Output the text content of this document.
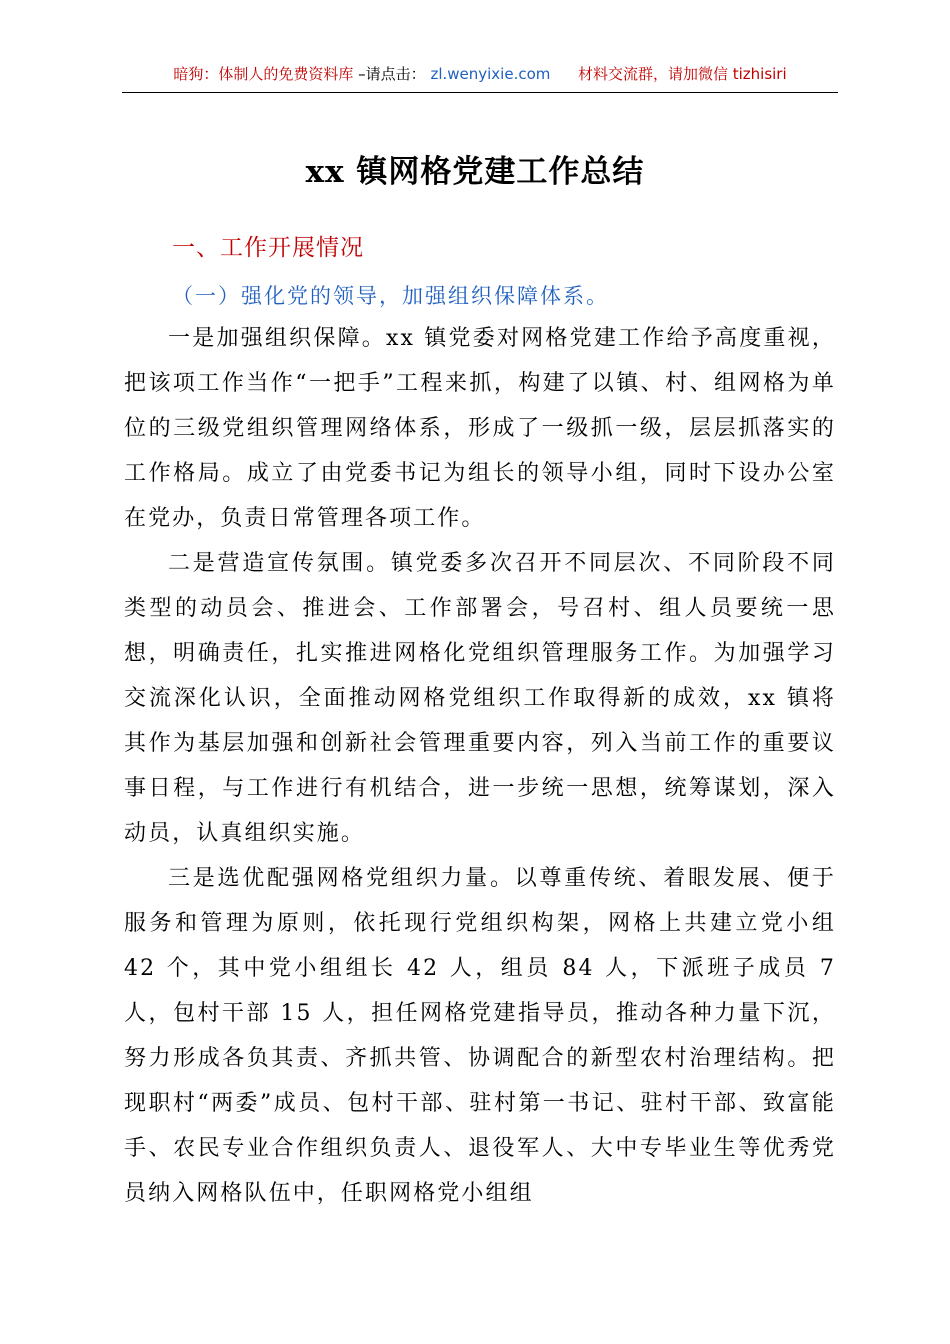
暗狗：体制人的免费资料库 –请点击： zl.wenyixie.com 材料交流群，请加微信 tizhisiri
xx 镇网格党建工作总结
一、工作开展情况
（一）强化党的领导，加强组织保障体系。

一是加强组织保障。xx 镇党委对网格党建工作给予高度重视，把该项工作当作“一把手”工程来抓，构建了以镇、村、组网格为单位的三级党组织管理网络体系，形成了一级抓一级，层层抓落实的工作格局。成立了由党委书记为组长的领导小组，同时下设办公室在党办，负责日常管理各项工作。

二是营造宣传氛围。镇党委多次召开不同层次、不同阶段不同类型的动员会、推进会、工作部署会，号召村、组人员要统一思想，明确责任，扎实推进网格化党组织管理服务工作。为加强学习交流深化认识，全面推动网格党组织工作取得新的成效，xx 镇将其作为基层加强和创新社会管理重要内容，列入当前工作的重要议事日程，与工作进行有机结合，进一步统一思想，统筹谋划，深入动员，认真组织实施。

三是选优配强网格党组织力量。以尊重传统、着眼发展、便于服务和管理为原则，依托现行党组织构架，网格上共建立党小组 42 个，其中党小组组长 42 人，组员 84 人，下派班子成员 7 人，包村干部 15 人，担任网格党建指导员，推动各种力量下沉，努力形成各负其责、齐抓共管、协调配合的新型农村治理结构。把现职村“两委”成员、包村干部、驻村第一书记、驻村干部、致富能手、农民专业合作组织负责人、退役军人、大中专毕业生等优秀党员纳入网格队伍中，任职网格党小组组
